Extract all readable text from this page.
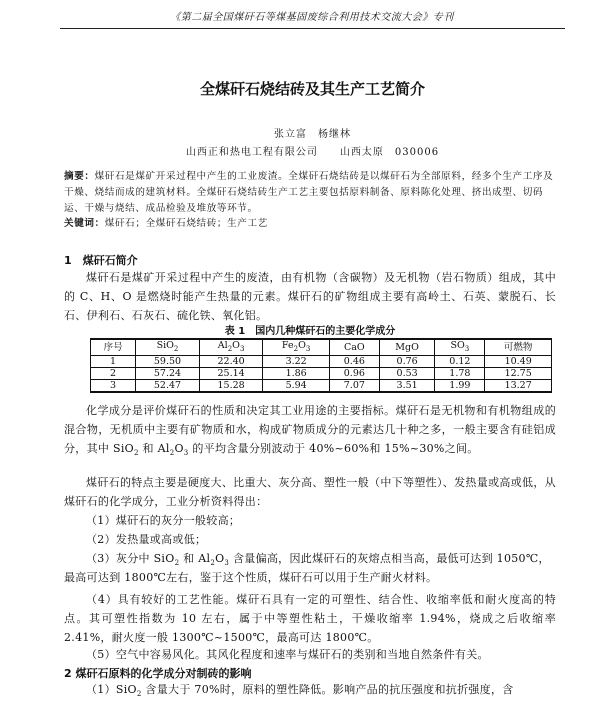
《第二届全国煤矸石等煤基固废综合利用技术交流大会》专刊
全煤矸石烧结砖及其生产工艺简介
张立富　杨继林
山西正和热电工程有限公司　　山西太原　030006
摘要：煤矸石是煤矿开采过程中产生的工业废渣。全煤矸石烧结砖是以煤矸石为全部原料，经多个生产工序及干燥、烧结而成的建筑材料。全煤矸石烧结砖生产工艺主要包括原料制备、原料陈化处理、挤出成型、切码运、干燥与烧结、成品检验及堆放等环节。
关键词：煤矸石；全煤矸石烧结砖；生产工艺
1　煤矸石简介
煤矸石是煤矿开采过程中产生的废渣，由有机物（含碳物）及无机物（岩石物质）组成，其中的 C、H、O 是燃烧时能产生热量的元素。煤矸石的矿物组成主要有高岭土、石英、蒙脱石、长石、伊利石、石灰石、硫化铁、氧化铝。
表 1　国内几种煤矸石的主要化学成分
序号	SiO$_2$	$Al_2O_3$	$Fe_2O_3$	CaO	MgO	$SO_3$	可燃物
1	59.50	22.40	3.22	0.46	0.76	0.12	10.49
2	57.24	25.14	1.86	0.96	0.53	1.78	12.75
3	52.47	15.28	5.94	7.07	3.51	1.99	13.27
化学成分是评价煤矸石的性质和决定其工业用途的主要指标。煤矸石是无机物和有机物组成的混合物，无机质中主要有矿物质和水，构成矿物质成分的元素达几十种之多，一般主要含有硅铝成分，其中 SiO$_2$ 和 $Al_2O_3$ 的平均含量分别波动于 40%~60%和 15%~30%之间。
煤矸石的特点主要是硬度大、比重大、灰分高、塑性一般（中下等塑性）、发热量或高或低，从煤矸石的化学成分，工业分析资料得出：
（1）煤矸石的灰分一般较高；
（2）发热量或高或低；
（3）灰分中 SiO$_2$ 和 $Al_2O_3$ 含量偏高，因此煤矸石的灰熔点相当高，最低可达到 1050℃，
最高可达到 1800℃左右，鉴于这个性质，煤矸石可以用于生产耐火材料。
（4）具有较好的工艺性能。煤矸石具有一定的可塑性、结合性、收缩率低和耐火度高的特点。其可塑性指数为 10 左右，属于中等塑性粘土，干燥收缩率 1.94%，烧成之后收缩率 2.41%，耐火度一般 1300℃~1500℃，最高可达 1800℃。
（5）空气中容易风化。其风化程度和速率与煤矸石的类别和当地自然条件有关。
2 煤矸石原料的化学成分对制砖的影响
（1）SiO$_2$ 含量大于 70%时，原料的塑性降低。影响产品的抗压强度和抗折强度，含
